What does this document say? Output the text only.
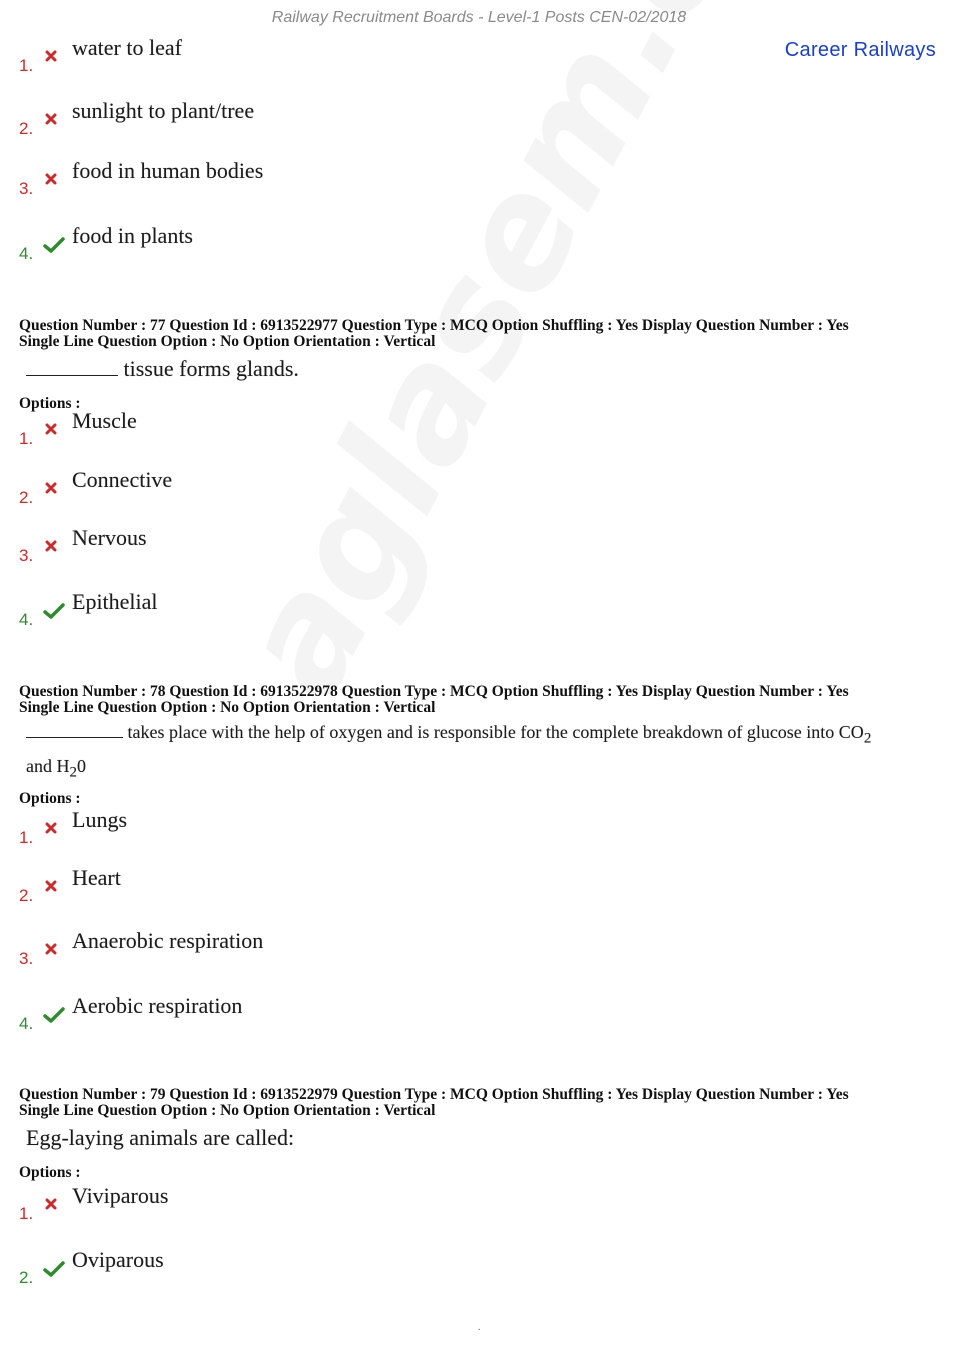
Railway Recruitment Boards - Level-1 Posts CEN-02/2018
Career Railways
1.
water to leaf
2.
sunlight to plant/tree
3.
food in human bodies
4.
food in plants
Question Number : 77 Question Id : 6913522977 Question Type : MCQ Option Shuffling : Yes Display Question Number : Yes
Single Line Question Option : No Option Orientation : Vertical
tissue forms glands.
Options :
1.
Muscle
2.
Connective
3.
Nervous
4.
Epithelial
Question Number : 78 Question Id : 6913522978 Question Type : MCQ Option Shuffling : Yes Display Question Number : Yes
Single Line Question Option : No Option Orientation : Vertical
takes place with the help of oxygen and is responsible for the complete breakdown of glucose into $CO_2$
and $H_20$
Options :
1.
Lungs
2.
Heart
3.
Anaerobic respiration
4.
Aerobic respiration
Question Number : 79 Question Id : 6913522979 Question Type : MCQ Option Shuffling : Yes Display Question Number : Yes
Single Line Question Option : No Option Orientation : Vertical
Egg-laying animals are called:
Options :
1.
Viviparous
2.
Oviparous
.
